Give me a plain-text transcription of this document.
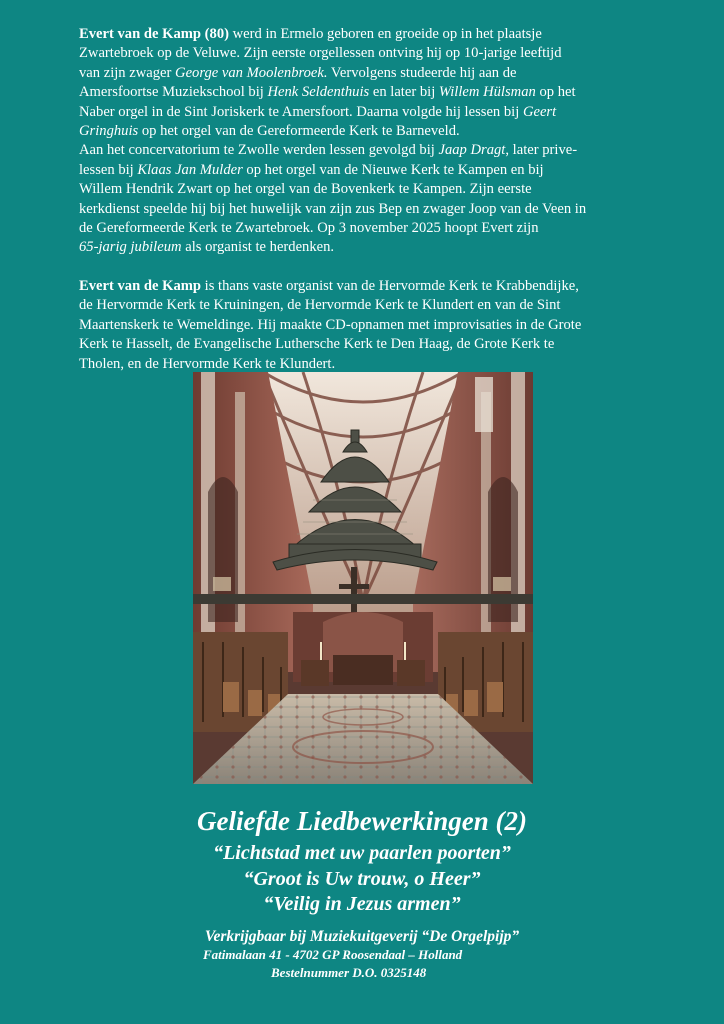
Evert van de Kamp (80) werd in Ermelo geboren en groeide op in het plaatsje
Zwartebroek op de Veluwe. Zijn eerste orgellessen ontving hij op 10-jarige leeftijd
van zijn zwager George van Moolenbroek. Vervolgens studeerde hij aan de
Amersfoortse Muziekschool bij Henk Seldenthuis en later bij Willem Hülsman op het
Naber orgel in de Sint Joriskerk te Amersfoort. Daarna volgde hij lessen bij Geert
Gringhuis op het orgel van de Gereformeerde Kerk te Barneveld.
Aan het concervatorium te Zwolle werden lessen gevolgd bij Jaap Dragt, later prive-
lessen bij Klaas Jan Mulder op het orgel van de Nieuwe Kerk te Kampen en bij
Willem Hendrik Zwart op het orgel van de Bovenkerk te Kampen. Zijn eerste
kerkdienst speelde hij bij het huwelijk van zijn zus Bep en zwager Joop van de Veen in
de Gereformeerde Kerk te Zwartebroek. Op 3 november 2025 hoopt Evert zijn
65-jarig jubileum als organist te herdenken.

Evert van de Kamp is thans vaste organist van de Hervormde Kerk te Krabbendijke,
de Hervormde Kerk te Kruiningen, de Hervormde Kerk te Klundert en van de Sint
Maartenskerk te Wemeldinge. Hij maakte CD-opnamen met improvisaties in de Grote
Kerk te Hasselt, de Evangelische Luthersche Kerk te Den Haag, de Grote Kerk te
Tholen, en de Hervormde Kerk te Klundert.

Geliefde Liedbewerkingen (2)
“Lichtstad met uw paarlen poorten”
“Groot is Uw trouw, o Heer”
“Veilig in Jezus armen”
Verkrijgbaar bij Muziekuitgeverij “De Orgelpijp”
Fatimalaan 41 - 4702 GP Roosendaal – Holland
Bestelnummer D.O. 0325148
